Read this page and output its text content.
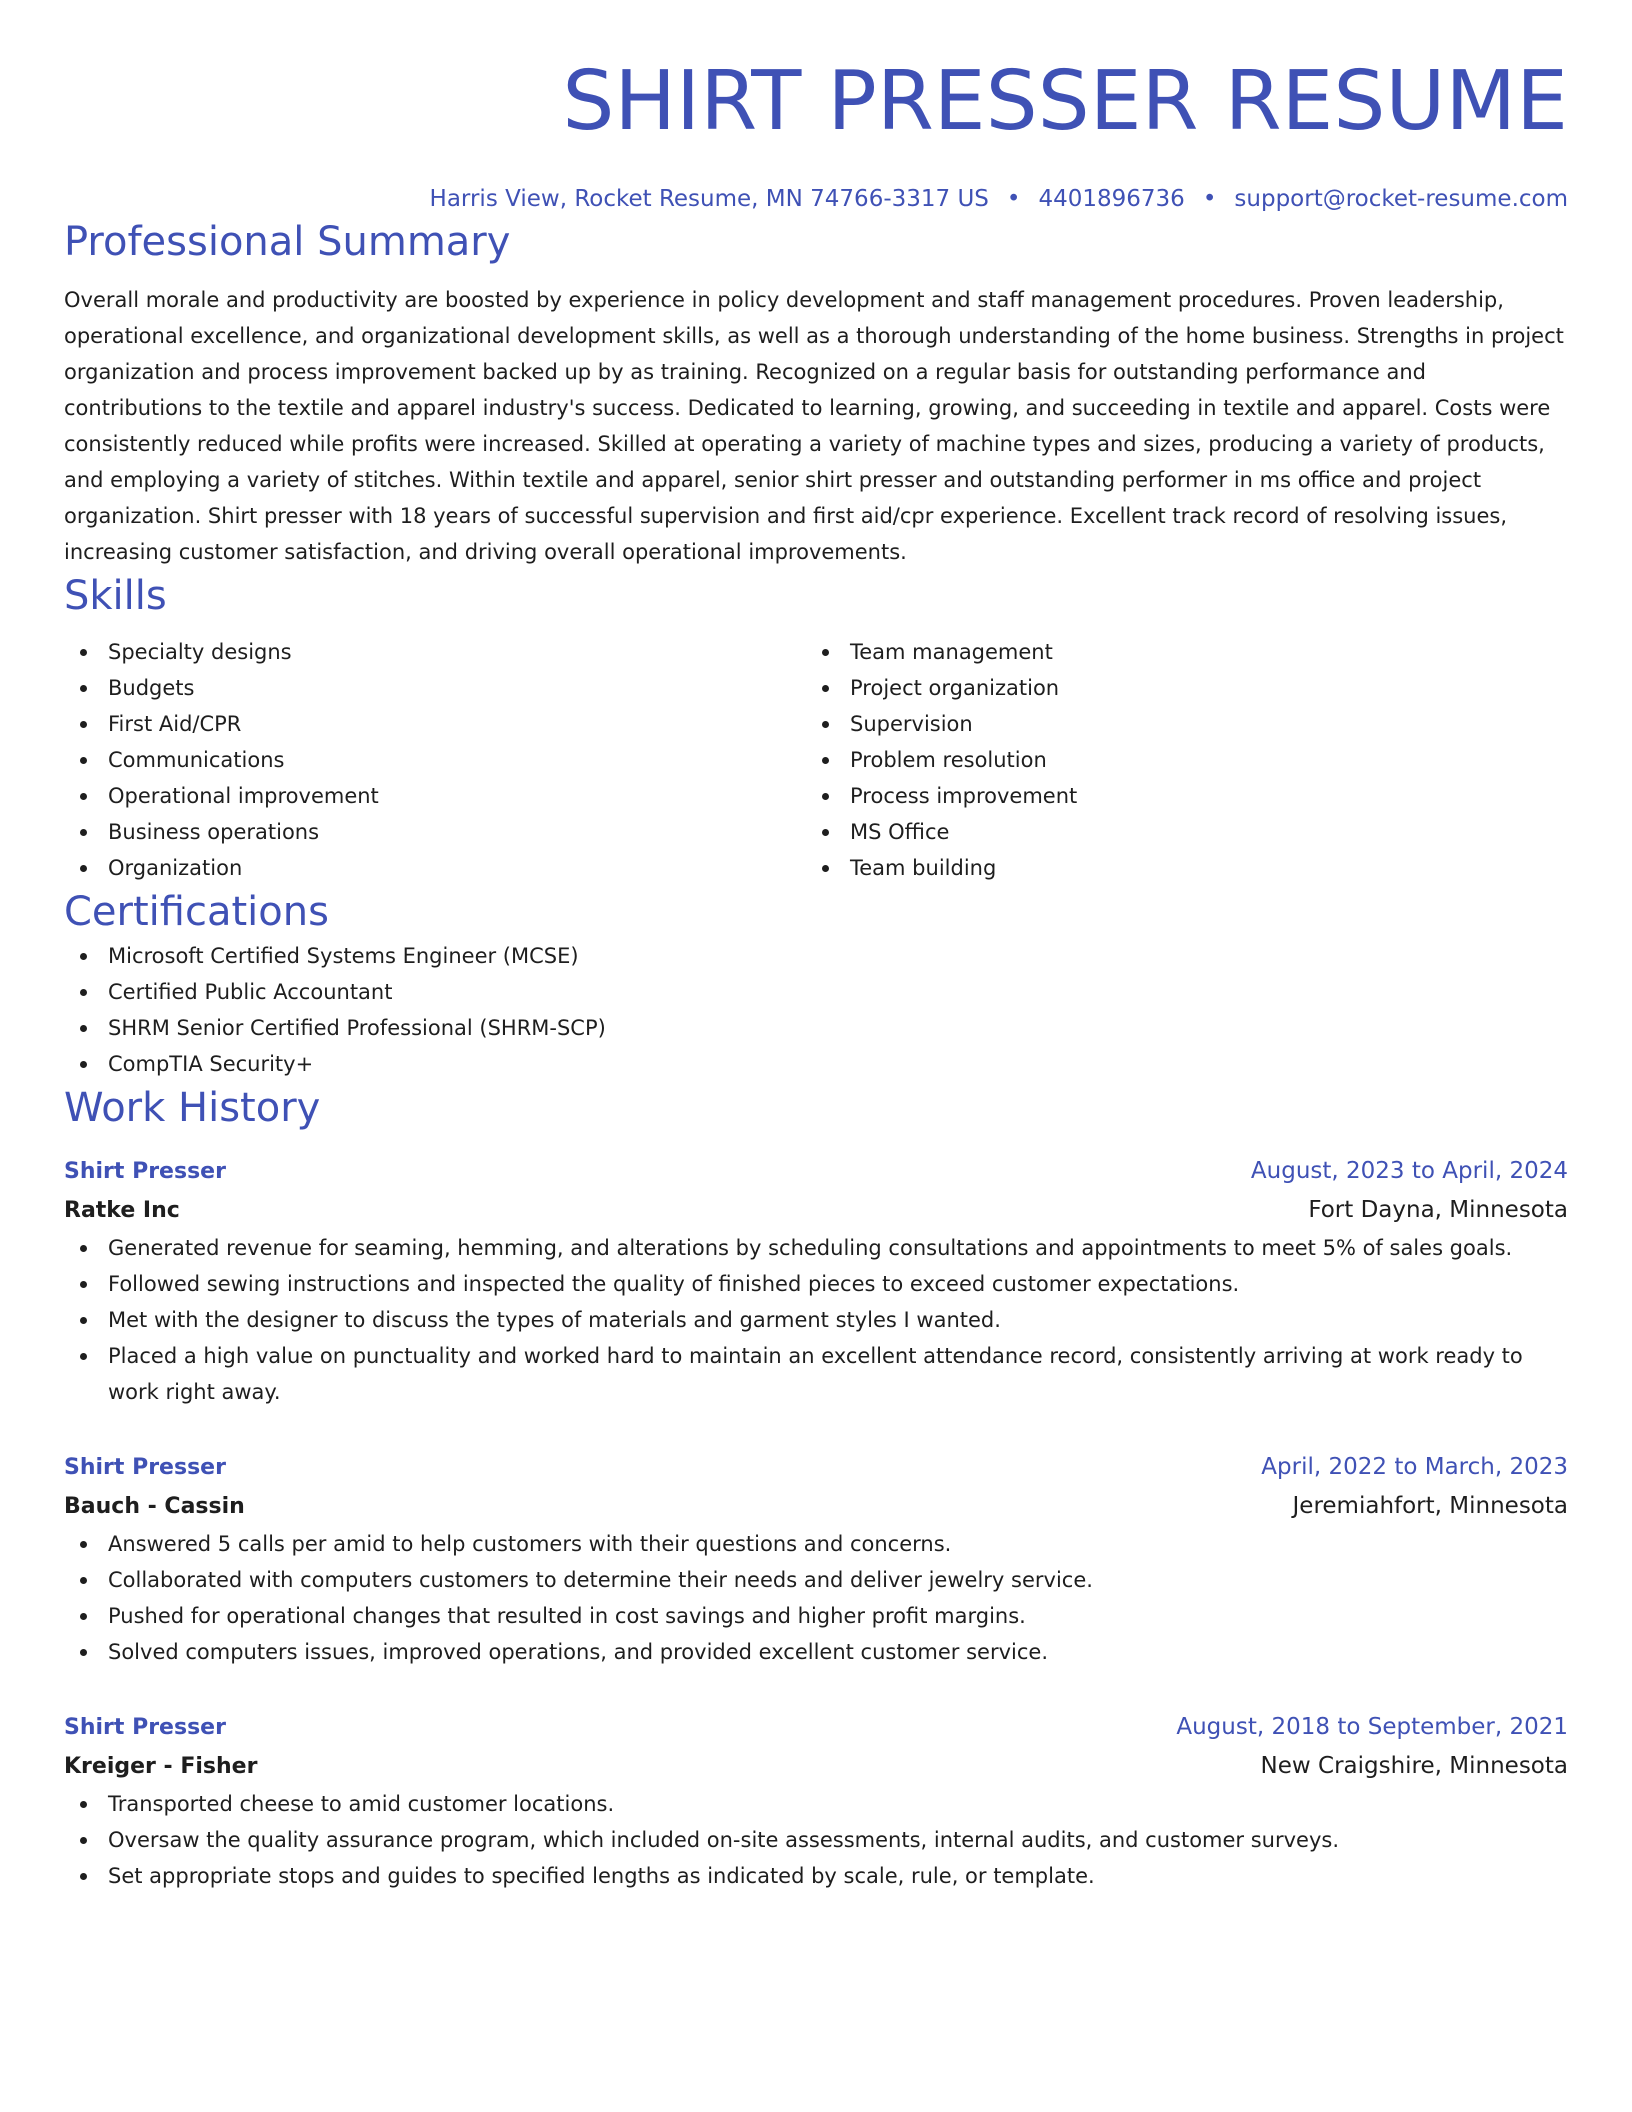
SHIRT PRESSER RESUME
Harris View, Rocket Resume, MN 74766-3317 US • 4401896736 • support@rocket-resume.com
Professional Summary

Overall morale and productivity are boosted by experience in policy development and staff management procedures. Proven leadership, operational excellence, and organizational development skills, as well as a thorough understanding of the home business. Strengths in project organization and process improvement backed up by as training. Recognized on a regular basis for outstanding performance and contributions to the textile and apparel industry's success. Dedicated to learning, growing, and succeeding in textile and apparel. Costs were consistently reduced while profits were increased. Skilled at operating a variety of machine types and sizes, producing a variety of products, and employing a variety of stitches. Within textile and apparel, senior shirt presser and outstanding performer in ms office and project organization. Shirt presser with 18 years of successful supervision and first aid/cpr experience. Excellent track record of resolving issues, increasing customer satisfaction, and driving overall operational improvements.

Skills
Specialty designs
Budgets
First Aid/CPR
Communications
Operational improvement
Business operations
Organization
Team management
Project organization
Supervision
Problem resolution
Process improvement
MS Office
Team building
Certifications
Microsoft Certified Systems Engineer (MCSE)
Certified Public Accountant
SHRM Senior Certified Professional (SHRM-SCP)
CompTIA Security+
Work History
Shirt Presser	August, 2023 to April, 2024
Ratke Inc	Fort Dayna, Minnesota
Generated revenue for seaming, hemming, and alterations by scheduling consultations and appointments to meet 5% of sales goals.
Followed sewing instructions and inspected the quality of finished pieces to exceed customer expectations.
Met with the designer to discuss the types of materials and garment styles I wanted.
Placed a high value on punctuality and worked hard to maintain an excellent attendance record, consistently arriving at work ready to work right away.
Shirt Presser	April, 2022 to March, 2023
Bauch - Cassin	Jeremiahfort, Minnesota
Answered 5 calls per amid to help customers with their questions and concerns.
Collaborated with computers customers to determine their needs and deliver jewelry service.
Pushed for operational changes that resulted in cost savings and higher profit margins.
Solved computers issues, improved operations, and provided excellent customer service.
Shirt Presser	August, 2018 to September, 2021
Kreiger - Fisher	New Craigshire, Minnesota
Transported cheese to amid customer locations.
Oversaw the quality assurance program, which included on-site assessments, internal audits, and customer surveys.
Set appropriate stops and guides to specified lengths as indicated by scale, rule, or template.
